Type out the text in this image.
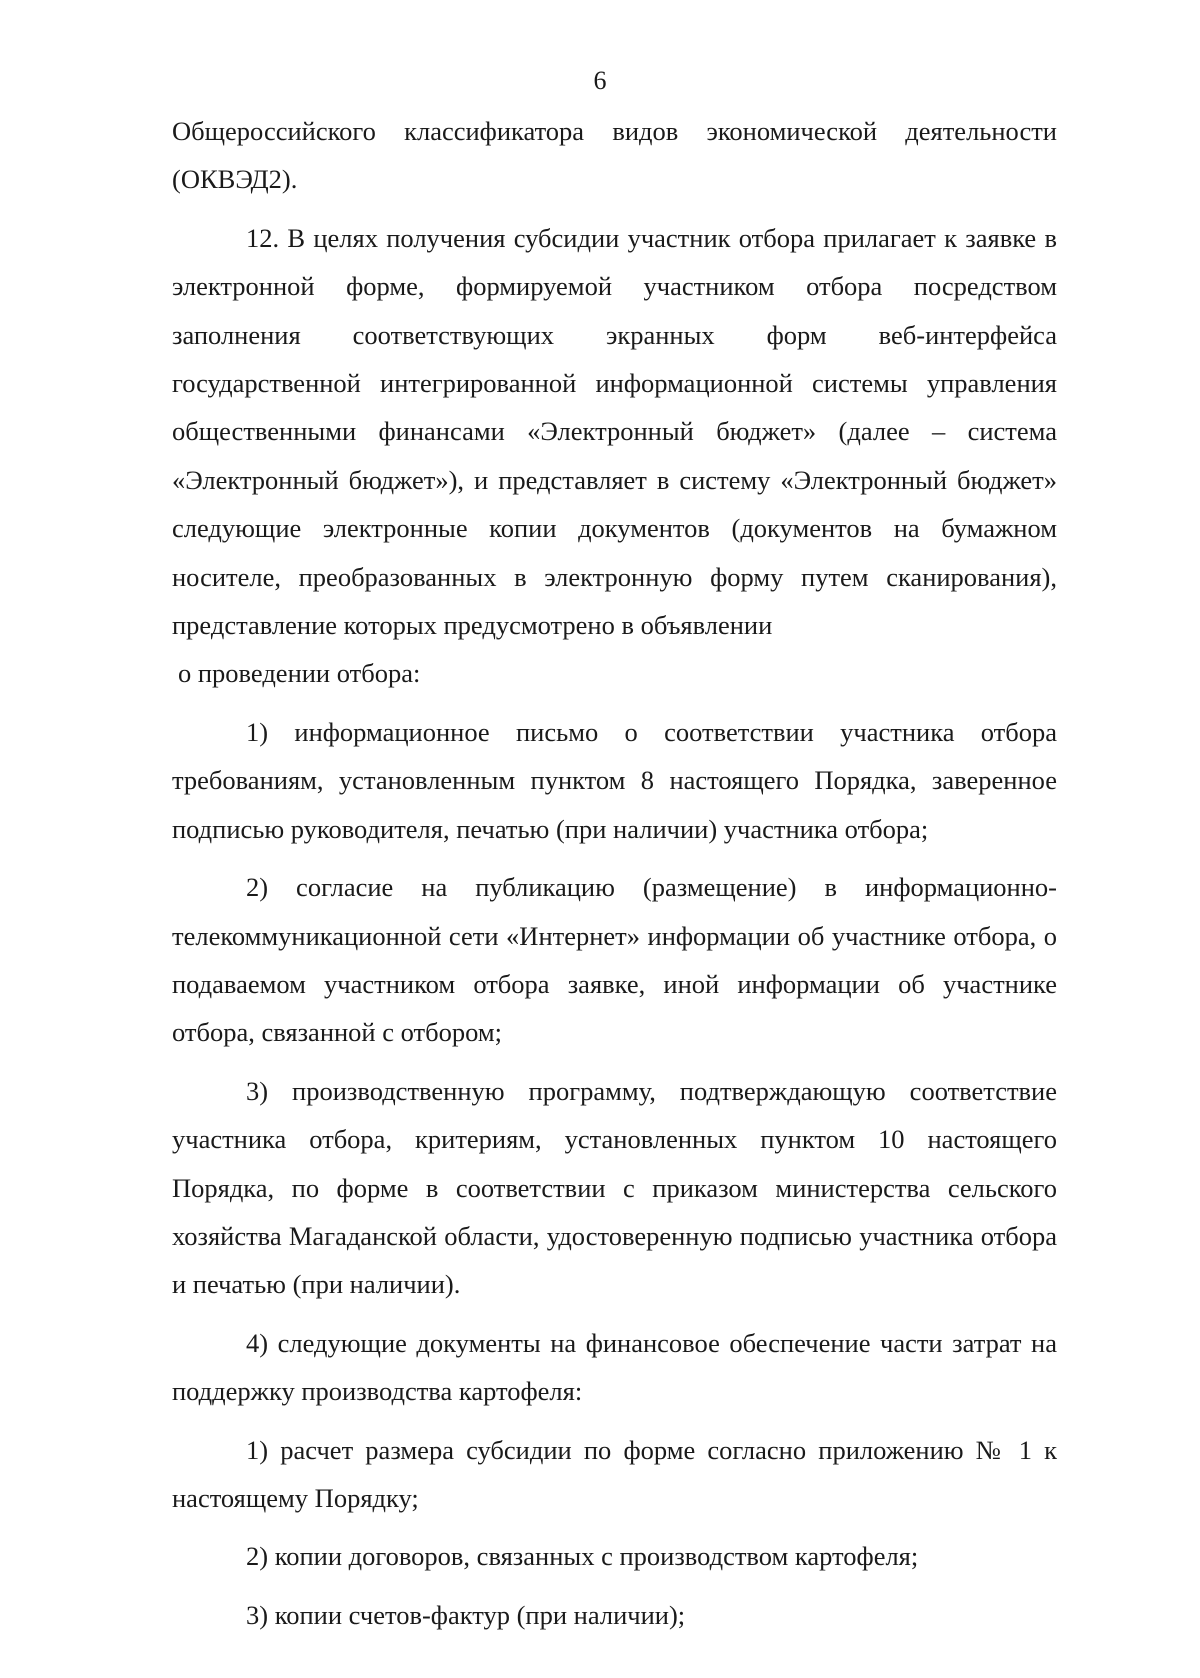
6

Общероссийского классификатора видов экономической деятельности (ОКВЭД2).

12. В целях получения субсидии участник отбора прилагает к заявке в электронной форме, формируемой участником отбора посредством заполнения соответствующих экранных форм веб-интерфейса государственной интегрированной информационной системы управления общественными финансами «Электронный бюджет» (далее – система «Электронный бюджет»), и представляет в систему «Электронный бюджет» следующие электронные копии документов (документов на бумажном носителе, преобразованных в электронную форму путем сканирования), представление которых предусмотрено в объявлении

о проведении отбора:

1) информационное письмо о соответствии участника отбора требованиям, установленным пунктом 8 настоящего Порядка, заверенное подписью руководителя, печатью (при наличии) участника отбора;

2) согласие на публикацию (размещение) в информационно-телекоммуникационной сети «Интернет» информации об участнике отбора, о подаваемом участником отбора заявке, иной информации об участнике отбора, связанной с отбором;

3) производственную программу, подтверждающую соответствие участника отбора, критериям, установленных пунктом 10 настоящего Порядка, по форме в соответствии с приказом министерства сельского хозяйства Магаданской области, удостоверенную подписью участника отбора и печатью (при наличии).

4) следующие документы на финансовое обеспечение части затрат на поддержку производства картофеля:

1) расчет размера субсидии по форме согласно приложению № 1 к настоящему Порядку;

2) копии договоров, связанных с производством картофеля;

3) копии счетов-фактур (при наличии);
